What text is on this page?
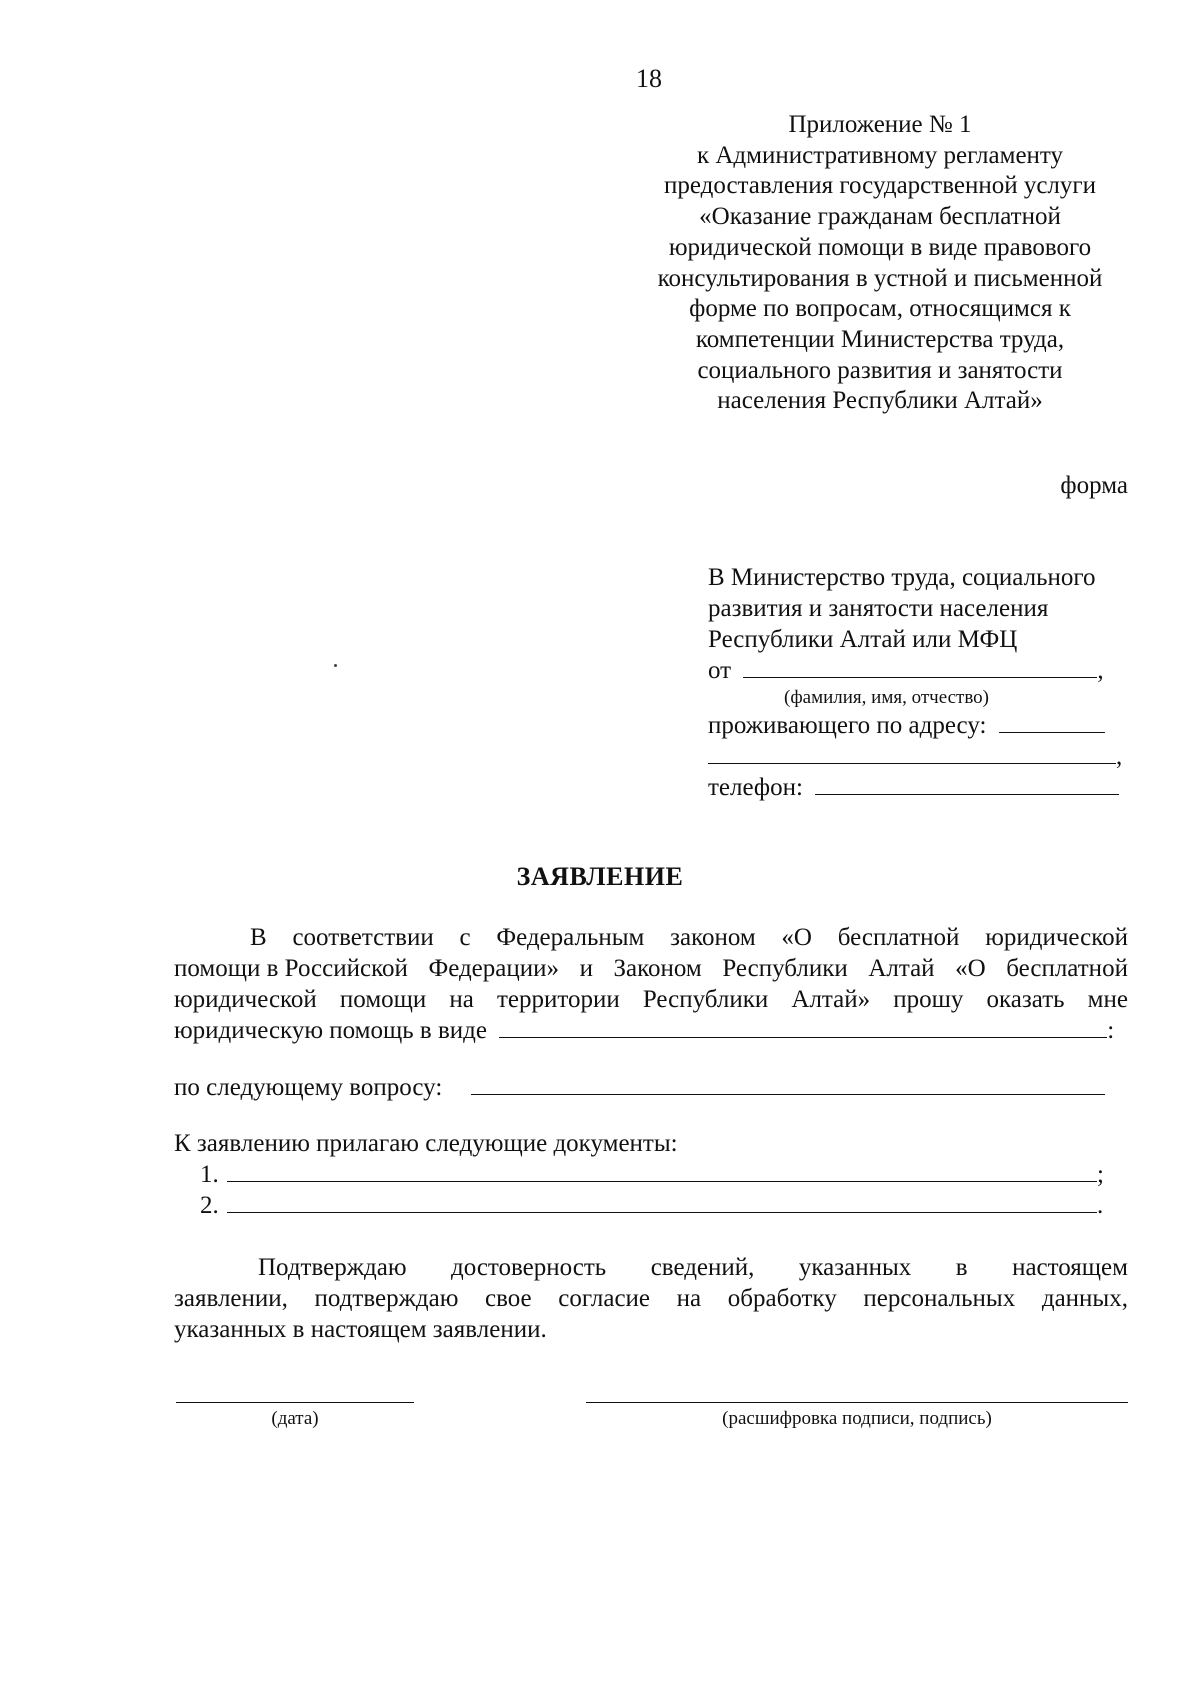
18
Приложение № 1
к Административному регламенту
предоставления государственной услуги
«Оказание гражданам бесплатной
юридической помощи в виде правового
консультирования в устной и письменной
форме по вопросам, относящимся к
компетенции Министерства труда,
социального развития и занятости
населения Республики Алтай»
форма
В Министерство труда, социального
развития и занятости населения
Республики Алтай или МФЦ
от	,
(фамилия, имя, отчество)
проживающего по адресу:
,
телефон:
ЗАЯВЛЕНИЕ
В соответствии с Федеральным законом «О бесплатной юридической
помощи в Российской Федерации» и Законом Республики Алтай «О бесплатной
юридической помощи на территории Республики Алтай» прошу оказать мне
юридическую помощь в виде	:
по следующему вопросу:
К заявлению прилагаю следующие документы:
1.	;
2.	.
Подтверждаю достоверность сведений, указанных в настоящем
заявлении, подтверждаю свое согласие на обработку персональных данных,
указанных в настоящем заявлении.
(дата)	(расшифровка подписи, подпись)
